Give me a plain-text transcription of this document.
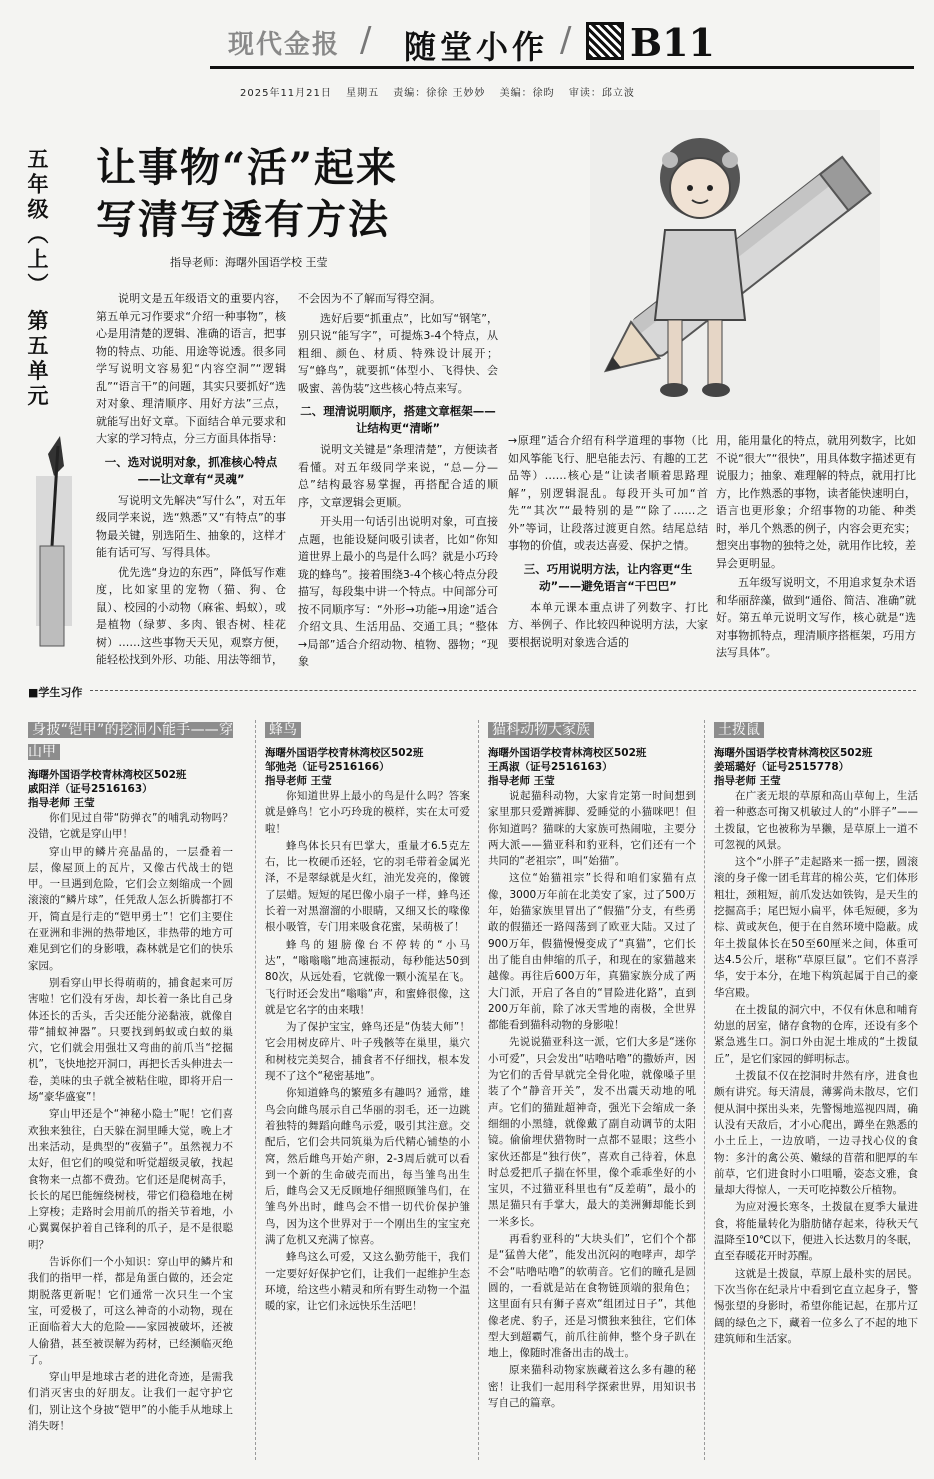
现代金报 / 随堂小作 / B11
2025年11月21日 星期五 责编：徐徐 王妙妙 美编：徐昀 审读：邱立波
五年级（上） 第五单元 让事物“活”起来
写清写透有方法
指导老师：海曙外国语学校 王莹

说明文是五年级语文的重要内容，第五单元习作要求“介绍一种事物”，核心是用清楚的逻辑、准确的语言，把事物的特点、功能、用途等说透。很多同学写说明文容易犯“内容空洞”“逻辑乱”“语言干”的问题，其实只要抓好“选对对象、理清顺序、用好方法”三点，就能写出好文章。下面结合单元要求和大家的学习特点，分三方面具体指导：

一、选对说明对象，抓准核心特点——让文章有“灵魂”

写说明文先解决“写什么”，对五年级同学来说，选“熟悉”又“有特点”的事物最关键，别选陌生、抽象的，这样才能有话可写、写得具体。

优先选“身边的东西”，降低写作难度，比如家里的宠物（猫、狗、仓鼠）、校园的小动物（麻雀、蚂蚁），或是植物（绿萝、多肉、银杏树、桂花树）……这些事物天天见，观察方便，能轻松找到外形、功能、用法等细节，

不会因为不了解而写得空洞。

选好后要“抓重点”，比如写“钢笔”，别只说“能写字”，可提炼3-4个特点，从粗细、颜色、材质、特殊设计展开；写“蜂鸟”，就要抓“体型小、飞得快、会吸蜜、善伪装”这些核心特点来写。

二、理清说明顺序，搭建文章框架——让结构更“清晰”

说明文关键是“条理清楚”，方便读者看懂。对五年级同学来说，“总—分—总”结构最容易掌握，再搭配合适的顺序，文章逻辑会更顺。

开头用一句话引出说明对象，可直接点题，也能设疑问吸引读者，比如“你知道世界上最小的鸟是什么吗？就是小巧玲珑的蜂鸟”。接着围绕3-4个核心特点分段描写，每段集中讲一个特点。中间部分可按不同顺序写：“外形→功能→用途”适合介绍文具、生活用品、交通工具；“整体→局部”适合介绍动物、植物、器物；“现象

→原理”适合介绍有科学道理的事物（比如风筝能飞行、肥皂能去污、有趣的工艺品等）……核心是“让读者顺着思路理解”，别逻辑混乱。每段开头可加“首先”“其次”“最特别的是”“除了……之外”等词，让段落过渡更自然。结尾总结事物的价值，或表达喜爱、保护之情。

三、巧用说明方法，让内容更“生动”——避免语言“干巴巴”

本单元课本重点讲了列数字、打比方、举例子、作比较四种说明方法，大家要根据说明对象选合适的

用，能用量化的特点，就用列数字，比如不说“很大”“很快”，用具体数字描述更有说服力；抽象、难理解的特点，就用打比方，比作熟悉的事物，读者能快速明白，语言也更形象；介绍事物的功能、种类时，举几个熟悉的例子，内容会更充实；想突出事物的独特之处，就用作比较，差异会更明显。

五年级写说明文，不用追求复杂术语和华丽辞藻，做到“通俗、简洁、准确”就好。第五单元说明文写作，核心就是“选对事物抓特点，理清顺序搭框架，巧用方法写具体”。

■学生习作
身披“铠甲”的挖洞小能手——穿山甲
海曙外国语学校青林湾校区502班
戚阳洋（证号2516163）
指导老师 王莹

你们见过自带“防弹衣”的哺乳动物吗？没错，它就是穿山甲！

穿山甲的鳞片亮晶晶的，一层叠着一层，像屋顶上的瓦片，又像古代战士的铠甲。一旦遇到危险，它们会立刻缩成一个圆滚滚的“鳞片球”，任凭敌人怎么折腾都打不开，简直是行走的“铠甲勇士”！它们主要住在亚洲和非洲的热带地区，非热带的地方可难见到它们的身影哦，森林就是它们的快乐家园。

别看穿山甲长得萌萌的，捕食起来可厉害啦！它们没有牙齿，却长着一条比自己身体还长的舌头，舌尖还能分泌黏液，就像自带“捕蚁神器”。只要找到蚂蚁或白蚁的巢穴，它们就会用强壮又弯曲的前爪当“挖掘机”，飞快地挖开洞口，再把长舌头伸进去一卷，美味的虫子就全被粘住啦，即将开启一场“豪华盛宴”！

穿山甲还是个“神秘小隐士”呢！它们喜欢独来独往，白天躲在洞里睡大觉，晚上才出来活动，是典型的“夜猫子”。虽然视力不太好，但它们的嗅觉和听觉超级灵敏，找起食物来一点都不费劲。它们还是爬树高手，长长的尾巴能缠绕树枝，带它们稳稳地在树上穿梭；走路时会用前爪的指关节着地，小心翼翼保护着自己锋利的爪子，是不是很聪明？

告诉你们一个小知识：穿山甲的鳞片和我们的指甲一样，都是角蛋白做的，还会定期脱落更新呢！它们通常一次只生一个宝宝，可爱极了，可这么神奇的小动物，现在正面临着大大的危险——家园被破坏，还被人偷猎，甚至被误解为药材，已经濒临灭绝了。

穿山甲是地球古老的进化奇迹，是需我们消灭害虫的好朋友。让我们一起守护它们，别让这个身披“铠甲”的小能手从地球上消失呀！

蜂鸟
海曙外国语学校青林湾校区502班
邹弛尧（证号2516166）
指导老师 王莹

你知道世界上最小的鸟是什么吗？答案就是蜂鸟！它小巧玲珑的模样，实在太可爱啦！

蜂鸟体长只有巴掌大，重量才6.5克左右，比一枚硬币还轻，它的羽毛带着金属光泽，不是翠绿就是火红，油光发亮的，像镀了层蜡。短短的尾巴像小扇子一样，蜂鸟还长着一对黑溜溜的小眼睛，又细又长的喙像根小吸管，专门用来吸食花蜜，呆萌极了！

蜂鸟的翅膀像台不停转的“小马达”，“嗡嗡嗡”地高速振动，每秒能达50到80次，从远处看，它就像一颗小流星在飞。飞行时还会发出“嗡嗡”声，和蜜蜂很像，这就是它名字的由来哦！

为了保护宝宝，蜂鸟还是“伪装大师”！它会用树皮碎片、叶子残骸等在巢里，巢穴和树枝完美契合，捕食者不仔细找，根本发现不了这个“秘密基地”。

你知道蜂鸟的繁殖多有趣吗？通常，雄鸟会向雌鸟展示自己华丽的羽毛，还一边跳着独特的舞蹈向雌鸟示爱，吸引其注意。交配后，它们会共同筑巢为后代精心铺垫的小窝，然后雌鸟开始产卵，2-3周后就可以看到一个新的生命破壳而出，每当雏鸟出生后，雌鸟会又无反顾地仔细照顾雏鸟们，在雏鸟外出时，雌鸟会不惜一切代价保护雏鸟，因为这个世界对于一个刚出生的宝宝充满了危机又充满了惊喜。

蜂鸟这么可爱，又这么勤劳能干，我们一定要好好保护它们，让我们一起维护生态环境，给这些小精灵和所有野生动物一个温暖的家，让它们永远快乐生活吧！

猫科动物大家族
海曙外国语学校青林湾校区502班
王禹淑（证号2516163）
指导老师 王莹

说起猫科动物，大家肯定第一时间想到家里那只爱蹭裤脚、爱睡觉的小猫咪吧！但你知道吗？猫咪的大家族可热闹啦，主要分两大派——猫亚科和豹亚科，它们还有一个共同的“老祖宗”，叫“始猫”。

这位“始猫祖宗”长得和咱们家猫有点像，3000万年前在北美安了家，过了500万年，始猫家族里冒出了“假猫”分支，有些勇敢的假猫还一路闯荡到了欧亚大陆。又过了900万年，假猫慢慢变成了“真猫”，它们长出了能自由伸缩的爪子，和现在的家猫越来越像。再往后600万年，真猫家族分成了两大门派，开启了各自的“冒险进化路”，直到200万年前，除了冰天雪地的南极，全世界都能看到猫科动物的身影啦！

先说说猫亚科这一派，它们大多是“迷你小可爱”，只会发出“咕噜咕噜”的撒娇声，因为它们的舌骨早就完全骨化啦，就像嗓子里装了个“静音开关”，发不出震天动地的吼声。它们的猫趾超神奇，强光下会缩成一条细细的小黑缝，就像戴了副自动调节的太阳镜。偷偷埋伏猎物时一点都不显眼；这些小家伙还都是“独行侠”，喜欢自己待着，休息时总爱把爪子揣在怀里，像个乖乖坐好的小宝贝，不过猫亚科里也有“反差萌”，最小的黑足猫只有手掌大，最大的美洲狮却能长到一米多长。

再看豹亚科的“大块头们”，它们个个都是“猛兽大佬”，能发出沉闷的咆哮声，却学不会“咕噜咕噜”的软萌音。它们的瞳孔是圆圆的，一看就是站在食物链顶端的狠角色；这里面有只有狮子喜欢“组团过日子”，其他像老虎、豹子，还是习惯独来独往，它们体型大到超霸气，前爪往前伸，整个身子趴在地上，像随时准备出击的战士。

原来猫科动物家族藏着这么多有趣的秘密！让我们一起用科学探索世界，用知识书写自己的篇章。

土拨鼠
海曙外国语学校青林湾校区502班
姜瑶璐好（证号2515778）
指导老师 王莹

在广袤无垠的草原和高山草甸上，生活着一种憨态可掬又机敏过人的“小胖子”——土拨鼠，它也被称为旱獭，是草原上一道不可忽视的风景。

这个“小胖子”走起路来一摇一摆，圆滚滚的身子像一团毛茸茸的棉公英，它们体形粗壮，颈粗短，前爪发达如铁钩，是天生的挖掘高手；尾巴短小扁平，体毛短硬，多为棕、黄或灰色，便于在自然环境中隐蔽。成年土拨鼠体长在50至60厘米之间，体重可达4.5公斤，堪称“草原巨鼠”。它们不喜浮华，安于本分，在地下构筑起属于自己的豪华宫殿。

在土拨鼠的洞穴中，不仅有休息和哺育幼崽的居室，储存食物的仓库，还设有多个紧急逃生口。洞口外由泥土堆成的“土拨鼠丘”，是它们家园的鲜明标志。

土拨鼠不仅在挖洞时井然有序，进食也颇有讲究。每天清晨，薄雾尚未散尽，它们便从洞中探出头来，先警惕地巡视四周，确认没有天敌后，才小心爬出，蹲坐在熟悉的小土丘上，一边放哨，一边寻找心仪的食物：多汁的禽公英、嫩绿的苜蓿和肥厚的车前草，它们进食时小口咀嚼，姿态文雅，食量却大得惊人，一天可吃掉数公斤植物。

为应对漫长寒冬，土拨鼠在夏季大量进食，将能量转化为脂肪储存起来，待秋天气温降至10℃以下，便进入长达数月的冬眠，直至春暖花开时苏醒。

这就是土拨鼠，草原上最朴实的居民。下次当你在纪录片中看到它直立起身子，警惕张望的身影时，希望你能记起，在那片辽阔的绿色之下，藏着一位多么了不起的地下建筑师和生活家。
